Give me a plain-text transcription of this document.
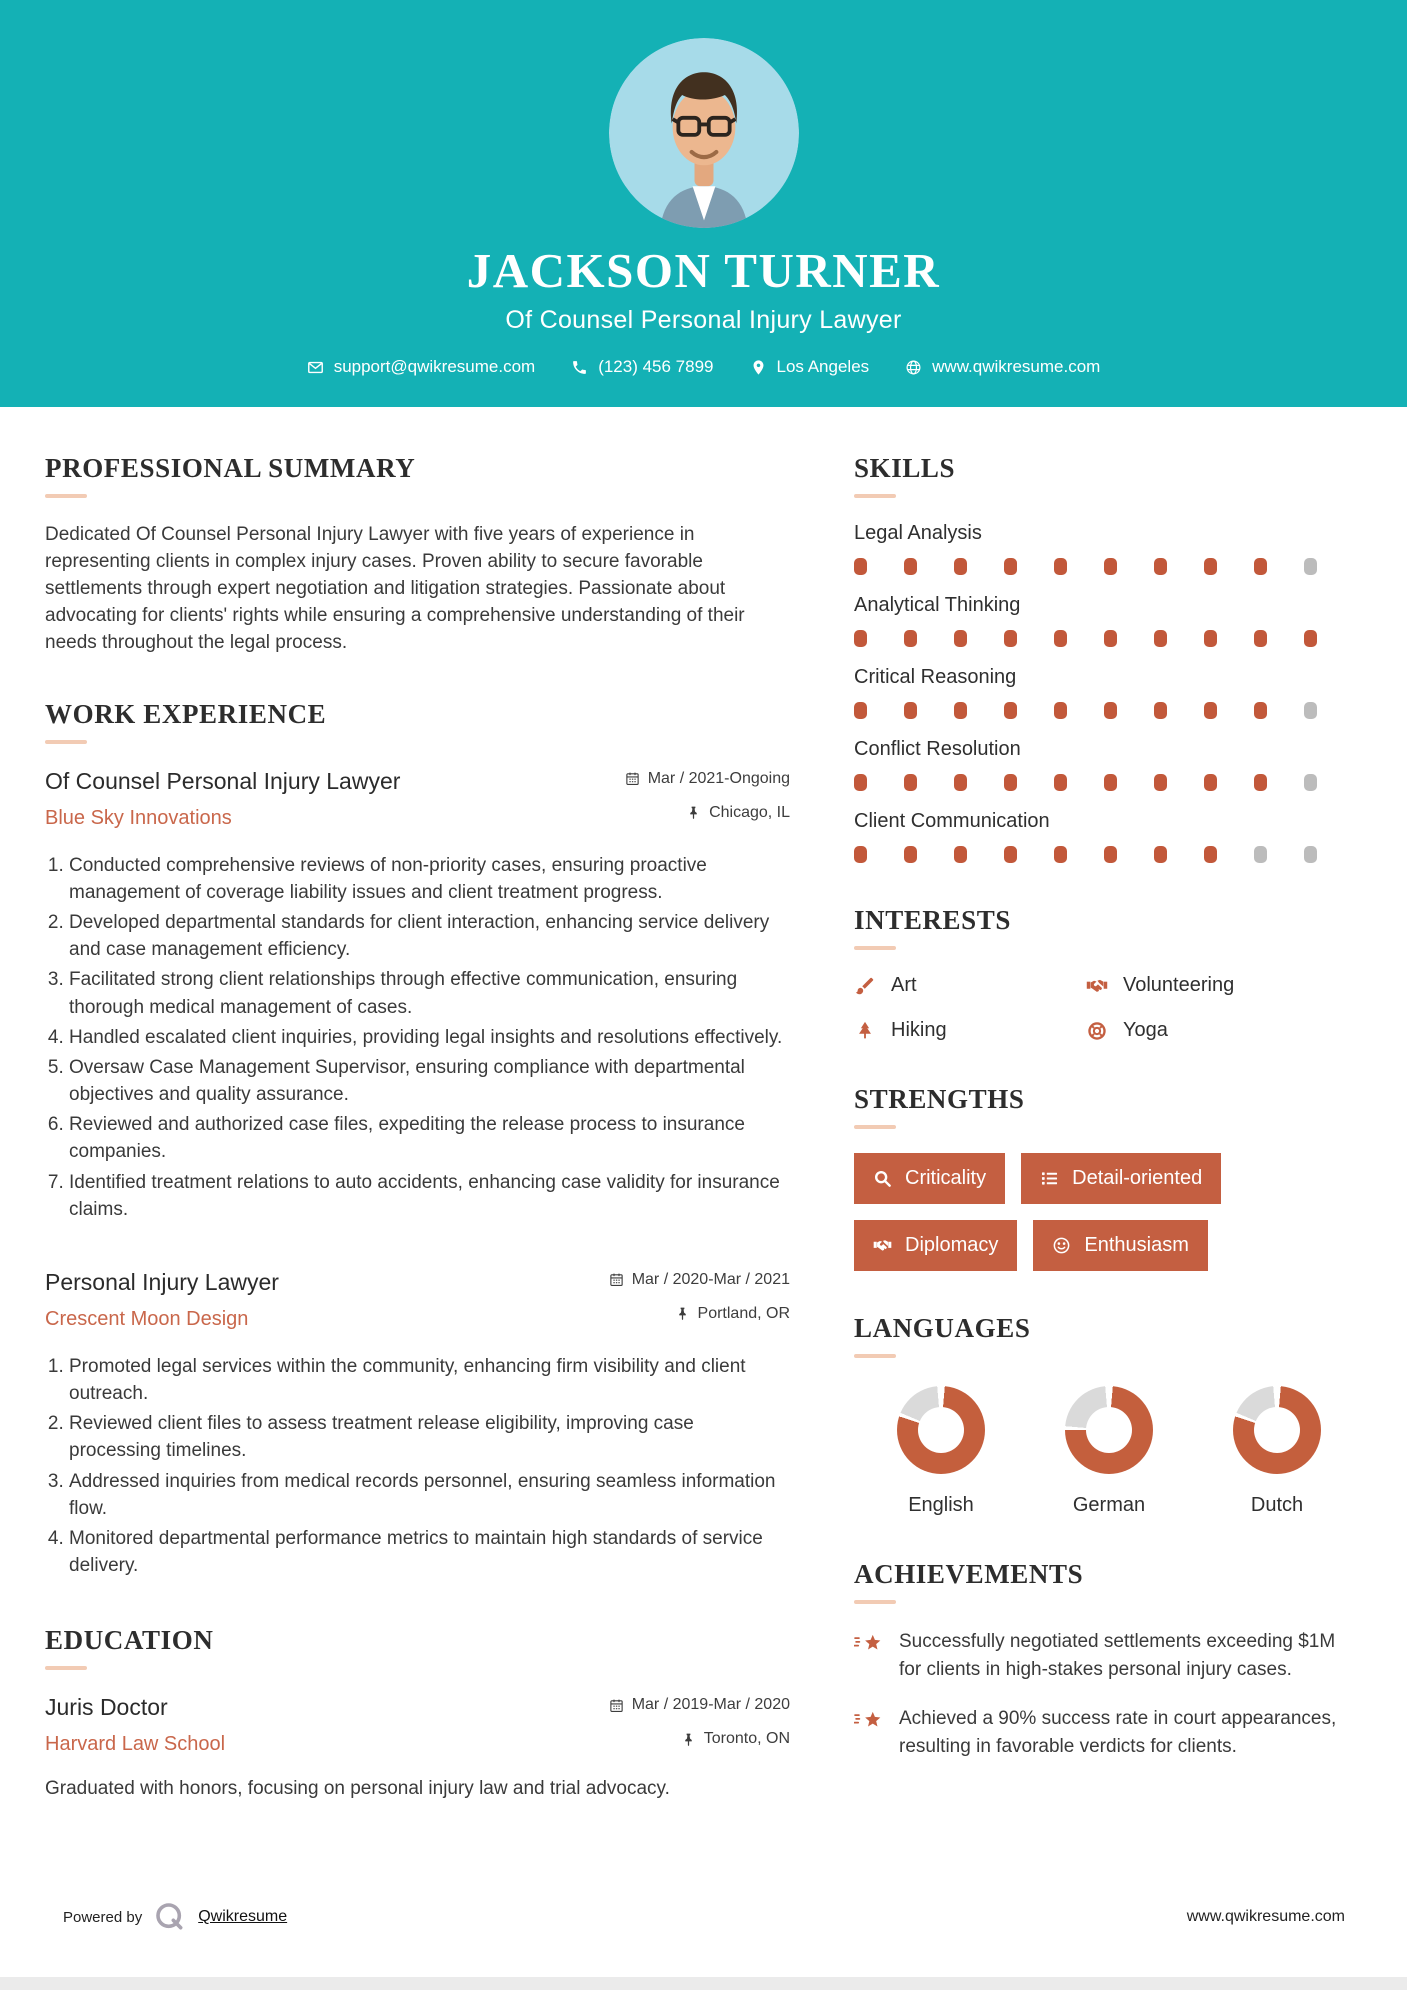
JACKSON TURNER
Of Counsel Personal Injury Lawyer
support@qwikresume.com	(123) 456 7899	Los Angeles	www.qwikresume.com
PROFESSIONAL SUMMARY

Dedicated Of Counsel Personal Injury Lawyer with five years of experience in representing clients in complex injury cases. Proven ability to secure favorable settlements through expert negotiation and litigation strategies. Passionate about advocating for clients' rights while ensuring a comprehensive understanding of their needs throughout the legal process.

WORK EXPERIENCE
Of Counsel Personal Injury Lawyer
Blue Sky Innovations
Mar / 2021-Ongoing
Chicago, IL
1. Conducted comprehensive reviews of non-priority cases, ensuring proactive management of coverage liability issues and client treatment progress.
2. Developed departmental standards for client interaction, enhancing service delivery and case management efficiency.
3. Facilitated strong client relationships through effective communication, ensuring thorough medical management of cases.
4. Handled escalated client inquiries, providing legal insights and resolutions effectively.
5. Oversaw Case Management Supervisor, ensuring compliance with departmental objectives and quality assurance.
6. Reviewed and authorized case files, expediting the release process to insurance companies.
7. Identified treatment relations to auto accidents, enhancing case validity for insurance claims.
Personal Injury Lawyer
Crescent Moon Design
Mar / 2020-Mar / 2021
Portland, OR
1. Promoted legal services within the community, enhancing firm visibility and client outreach.
2. Reviewed client files to assess treatment release eligibility, improving case processing timelines.
3. Addressed inquiries from medical records personnel, ensuring seamless information flow.
4. Monitored departmental performance metrics to maintain high standards of service delivery.
EDUCATION
Juris Doctor
Harvard Law School
Mar / 2019-Mar / 2020
Toronto, ON

Graduated with honors, focusing on personal injury law and trial advocacy.

SKILLS
Legal Analysis
Analytical Thinking
Critical Reasoning
Conflict Resolution
Client Communication
INTERESTS
Art	Volunteering
Hiking	Yoga
STRENGTHS
Criticality	Detail-oriented
Diplomacy	Enthusiasm
LANGUAGES
English	German	Dutch
ACHIEVEMENTS

Successfully negotiated settlements exceeding $1M for clients in high-stakes personal injury cases.

Achieved a 90% success rate in court appearances, resulting in favorable verdicts for clients.

Powered by	Qwikresume	www.qwikresume.com
